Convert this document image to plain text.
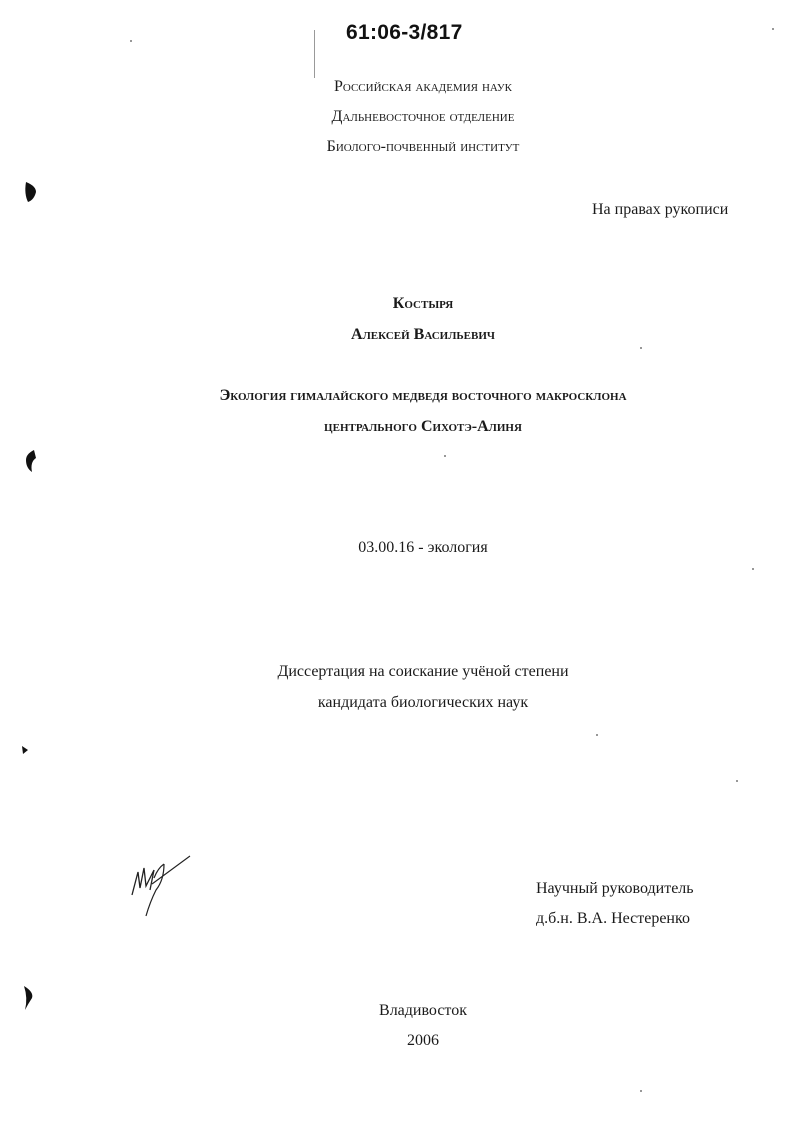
61:06-3/817
Российская академия наук
Дальневосточное отделение
Биолого-почвенный институт
На правах рукописи
Костыря
Алексей Васильевич
Экология гималайского медведя восточного макросклона
центрального Сихотэ-Алиня
03.00.16 - экология
Диссертация на соискание учёной степени
кандидата биологических наук
Научный руководитель
д.б.н. В.А. Нестеренко
Владивосток
2006
